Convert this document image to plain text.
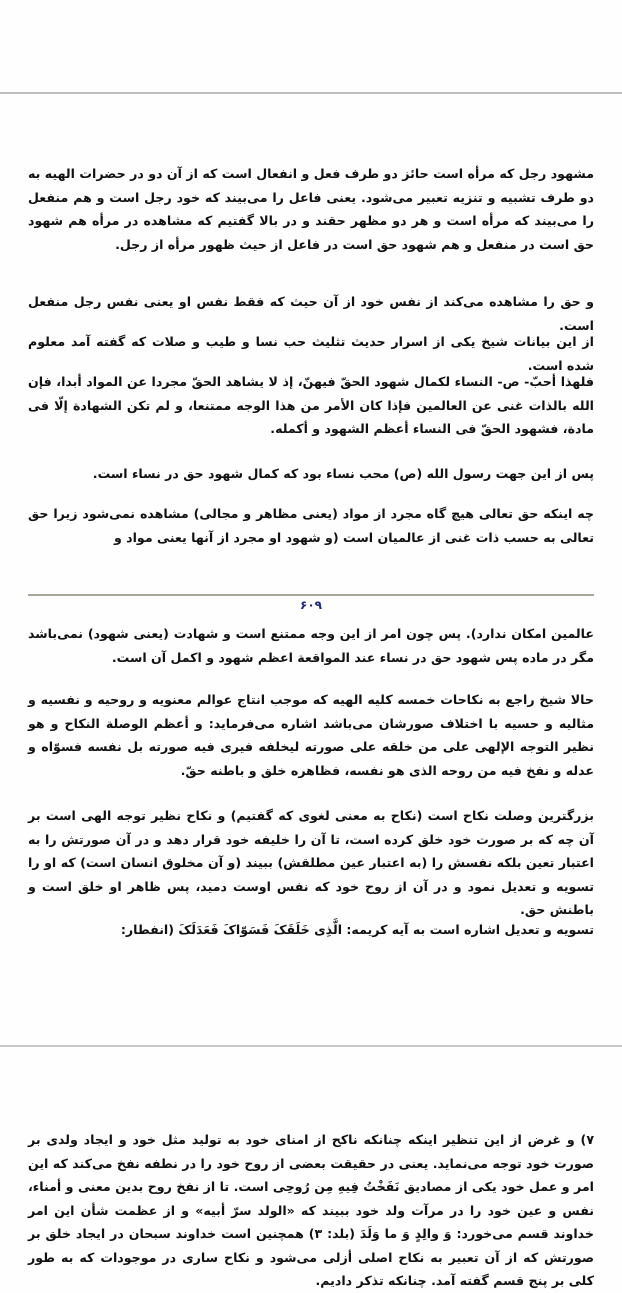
مشهود رجل که مرأه است حائز دو طرف فعل و انفعال است که از آن دو در حضرات الهیه به دو طرف تشبیه و تنزیه تعبیر می‌شود. یعنی فاعل را می‌بیند که خود رجل است و هم منفعل را می‌بیند که مرأه است و هر دو مظهر حقند و در بالا گفتیم که مشاهده در مرأه هم شهود حق است در منفعل و هم شهود حق است در فاعل از حیث ظهور مرأه از رجل.

و حق را مشاهده می‌کند از نفس خود از آن حیث که فقط نفس او یعنی نفس رجل منفعل است.

از این بیانات شیخ یکی از اسرار حدیث تثلیث حب نسا و طیب و صلات که گفته آمد معلوم شده است.

فلهذا أحبّ- ص- النساء لکمال شهود الحقّ فیهنّ، إذ لا یشاهد الحقّ مجردا عن المواد أبدا، فإن الله بالذات غنی عن العالمین فإذا کان الأمر من هذا الوجه ممتنعا، و لم تکن الشهادة إلّا فی مادة، فشهود الحقّ فی النساء أعظم الشهود و أکمله.

پس از این جهت رسول الله (ص) محب نساء بود که کمال شهود حق در نساء است.

چه اینکه حق تعالی هیچ گاه مجرد از مواد (یعنی مظاهر و مجالی) مشاهده نمی‌شود زیرا حق تعالی به حسب ذات غنی از عالمیان است (و شهود او مجرد از آنها یعنی مواد و

۶۰۹

عالمین امکان ندارد). پس چون امر از این وجه ممتنع است و شهادت (یعنی شهود) نمی‌باشد مگر در ماده پس شهود حق در نساء عند المواقعة اعظم شهود و اکمل آن است.

حالا شیخ راجع به نکاحات خمسه کلیه الهیه که موجب انتاج عوالم معنویه و روحیه و نفسیه و مثالیه و حسیه با اختلاف صورشان می‌باشد اشاره می‌فرماید: و أعظم الوصلة النکاح و هو نظیر التوجه الإلهی علی من خلقه علی صورته لیخلفه فیری فیه صورته بل نفسه فسوّاه و عدله و نفخ فیه من روحه الذی هو نفسه، فظاهره خلق و باطنه حقّ.

بزرگترین وصلت نکاح است (نکاح به معنی لغوی که گفتیم) و نکاح نظیر توجه الهی است بر آن چه که بر صورت خود خلق کرده است، تا آن را خلیفه خود قرار دهد و در آن صورتش را به اعتبار تعین بلکه نفسش را (به اعتبار عین مطلقش) ببیند (و آن مخلوق انسان است) که او را تسویه و تعدیل نمود و در آن از روح خود که نفس اوست دمید، پس ظاهر او خلق است و باطنش حق.

تسویه و تعدیل اشاره است به آیه کریمه: الَّذِی خَلَقَکَ فَسَوّاکَ فَعَدَلَکَ (انفطار:

۷) و غرض از این تنظیر اینکه چنانکه ناکح از امنای خود به تولید مثل خود و ایجاد ولدی بر صورت خود توجه می‌نماید. یعنی در حقیقت بعضی از روح خود را در نطفه نفخ می‌کند که این امر و عمل خود یکی از مصادیق نَفَخْتُ فِیهِ مِن رُوحِی است. تا از نفخ روح بدین معنی و أمناء، نفس و عین خود را در مرآت ولد خود ببیند که «الولد سرّ أبیه» و از عظمت شأن این امر خداوند قسم می‌خورد: وَ والِدٍ وَ ما وَلَدَ (بلد: ۳) همچنین است خداوند سبحان در ایجاد خلق بر صورتش که از آن تعبیر به نکاح اصلی أزلی می‌شود و نکاح ساری در موجودات که به طور کلی بر پنج قسم گفته آمد. چنانکه تذکر دادیم.
